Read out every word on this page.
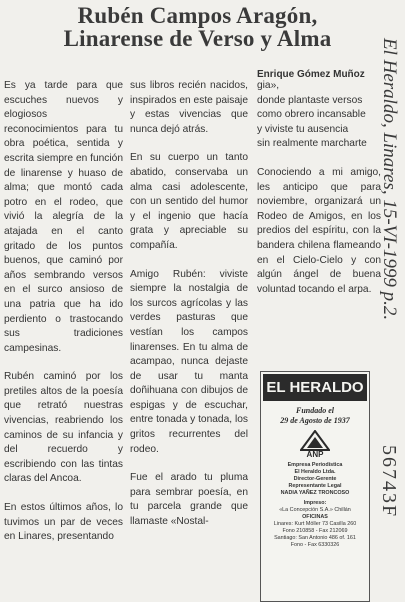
Rubén Campos Aragón,
Linarense de Verso y Alma
Enrique Gómez Muñoz

Es ya tarde para que escuches nuevos y elogiosos reconocimientos para tu obra poética, sentida y escrita siempre en función de linarense y huaso de alma; que montó cada potro en el rodeo, que vivió la alegría de la atajada en el canto gritado de los puntos buenos, que caminó por años sembrando versos en el surco ansioso de una patria que ha ido perdiento o trastocando sus tradiciones campesinas.

Rubén caminó por los pretiles altos de la poesía que retrató nuestras vivencias, reabriendo los caminos de su infancia y del recuerdo y escribiendo con las tintas claras del Ancoa.

En estos últimos años, lo tuvimos un par de veces en Linares, presentando

sus libros recién nacidos, inspirados en este paisaje y estas vivencias que nunca dejó atrás.

En su cuerpo un tanto abatido, conservaba un alma casi adolescente, con un sentido del humor y el ingenio que hacía grata y apreciable su compañía.

Amigo Rubén: viviste siempre la nostalgia de los surcos agrícolas y las verdes pasturas que vestían los campos linarenses. En tu alma de acampao, nunca dejaste de usar tu manta doñihuana con dibujos de espigas y de escuchar, entre tonada y tonada, los gritos recurrentes del rodeo.

Fue el arado tu pluma para sembrar poesía, en tu parcela grande que llamaste «Nostal-

gia»,
donde plantaste versos
como obrero incansable
y viviste tu ausencia
sin realmente marcharte

Conociendo a mi amigo, les anticipo que para noviembre, organizará un Rodeo de Amigos, en los predios del espíritu, con la bandera chilena flameando en el Cielo-Cielo y con algún ángel de buena voluntad tocando el arpa.

EL HERALDO
Fundado el
29 de Agosto de 1937
ANP
Empresa Periodística
El Heraldo Ltda.
Director-Gerente
Representante Legal
NADIA YAÑEZ TRONCOSO
Impreso:
«La Concepción S.A.» Chillán
OFICINAS
Linares: Kurt Möller 73 Casilla 260
Fono 210858 - Fax 212069
Santiago: San Antonio 486 of. 161
Fono - Fax 6330326
El Heraldo, Linares, 15-VI-1999 p.2.
56743F
